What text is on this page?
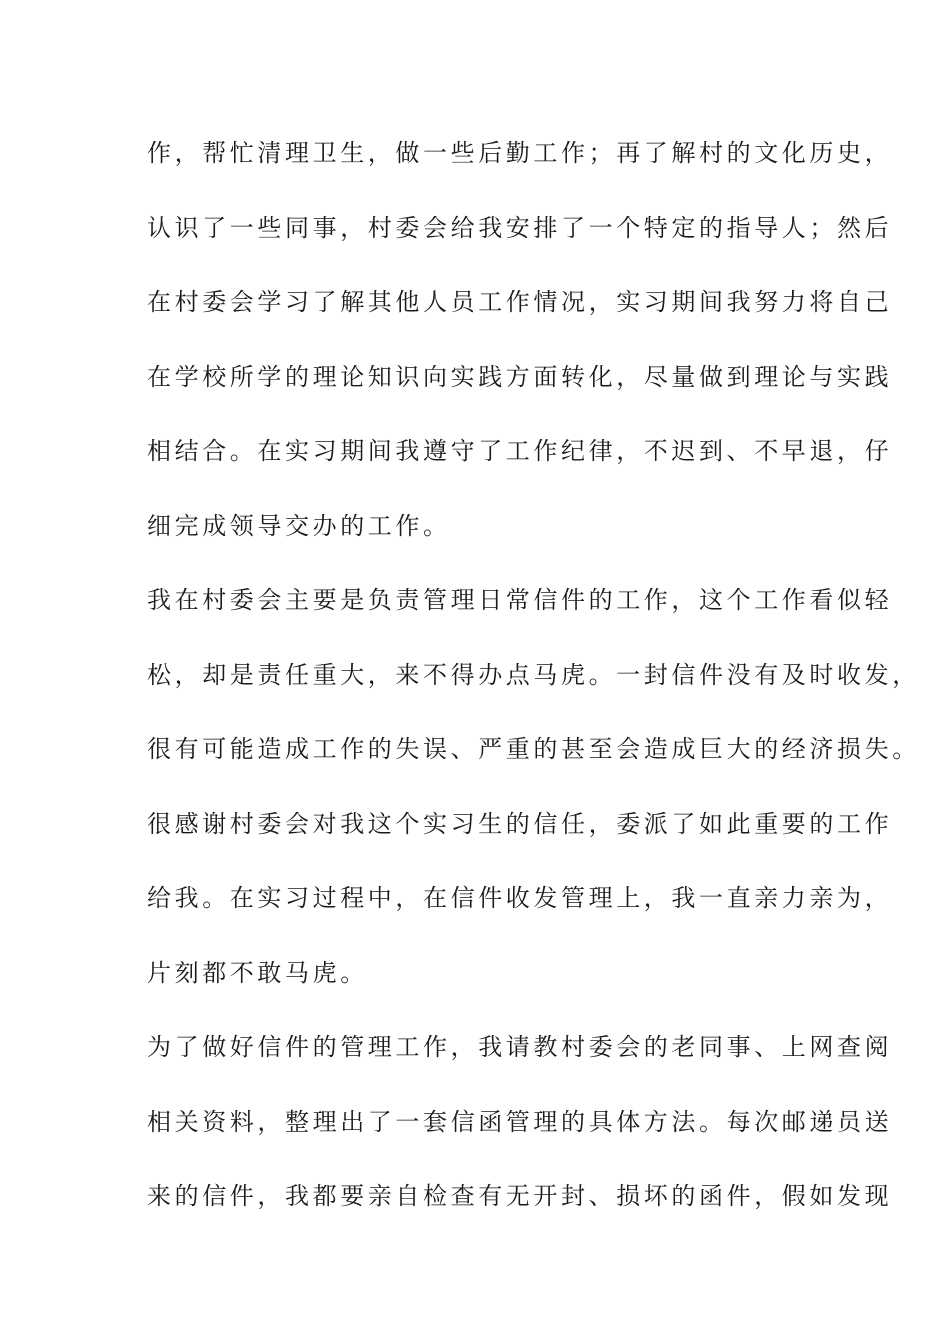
作，帮忙清理卫生，做一些后勤工作；再了解村的文化历史，
认识了一些同事，村委会给我安排了一个特定的指导人；然后
在村委会学习了解其他人员工作情况，实习期间我努力将自己
在学校所学的理论知识向实践方面转化，尽量做到理论与实践
相结合。在实习期间我遵守了工作纪律，不迟到、不早退，仔
细完成领导交办的工作。
我在村委会主要是负责管理日常信件的工作，这个工作看似轻
松，却是责任重大，来不得办点马虎。一封信件没有及时收发，
很有可能造成工作的失误、严重的甚至会造成巨大的经济损失。
很感谢村委会对我这个实习生的信任，委派了如此重要的工作
给我。在实习过程中，在信件收发管理上，我一直亲力亲为，
片刻都不敢马虎。
为了做好信件的管理工作，我请教村委会的老同事、上网查阅
相关资料，整理出了一套信函管理的具体方法。每次邮递员送
来的信件，我都要亲自检查有无开封、损坏的函件，假如发现
